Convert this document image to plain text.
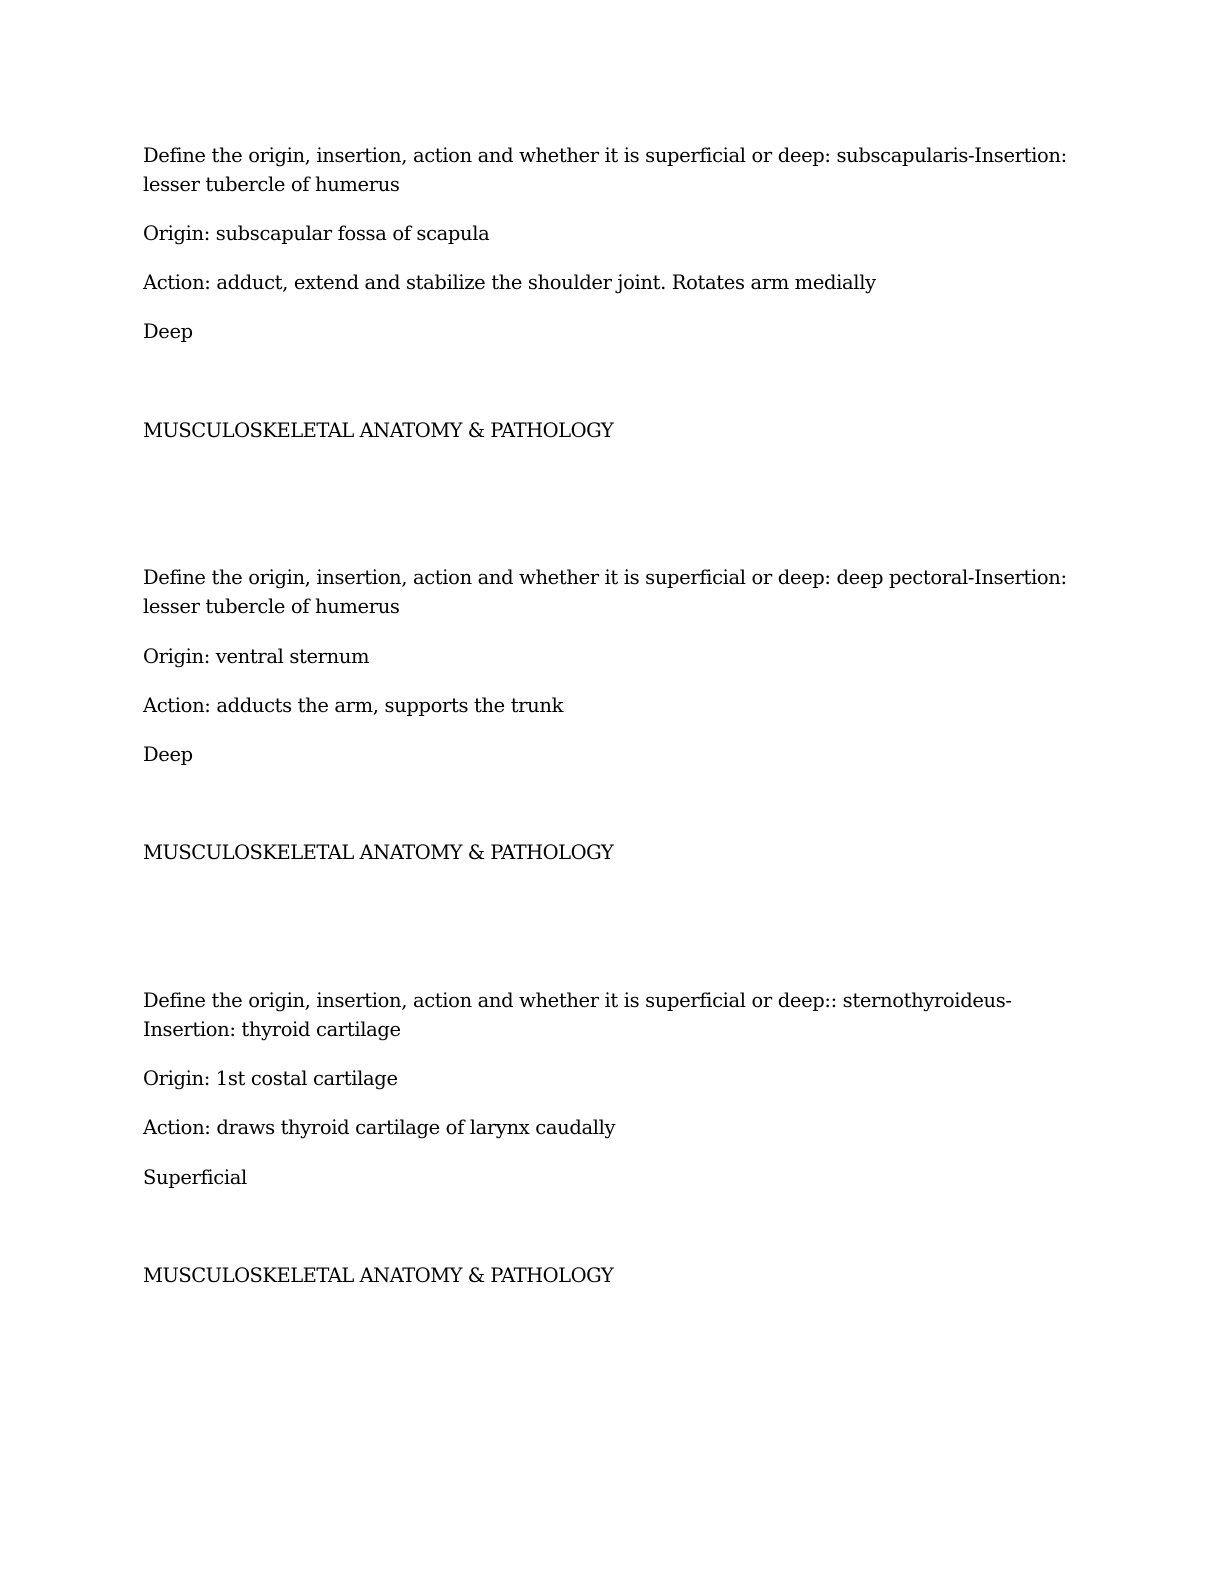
Define the origin, insertion, action and whether it is superficial or deep: subscapularis-Insertion:

lesser tubercle of humerus

Origin: subscapular fossa of scapula

Action: adduct, extend and stabilize the shoulder joint. Rotates arm medially

Deep

MUSCULOSKELETAL ANATOMY & PATHOLOGY

Define the origin, insertion, action and whether it is superficial or deep: deep pectoral-Insertion:

lesser tubercle of humerus

Origin: ventral sternum

Action: adducts the arm, supports the trunk

Deep

MUSCULOSKELETAL ANATOMY & PATHOLOGY

Define the origin, insertion, action and whether it is superficial or deep:: sternothyroideus-

Insertion: thyroid cartilage

Origin: 1st costal cartilage

Action: draws thyroid cartilage of larynx caudally

Superficial

MUSCULOSKELETAL ANATOMY & PATHOLOGY
